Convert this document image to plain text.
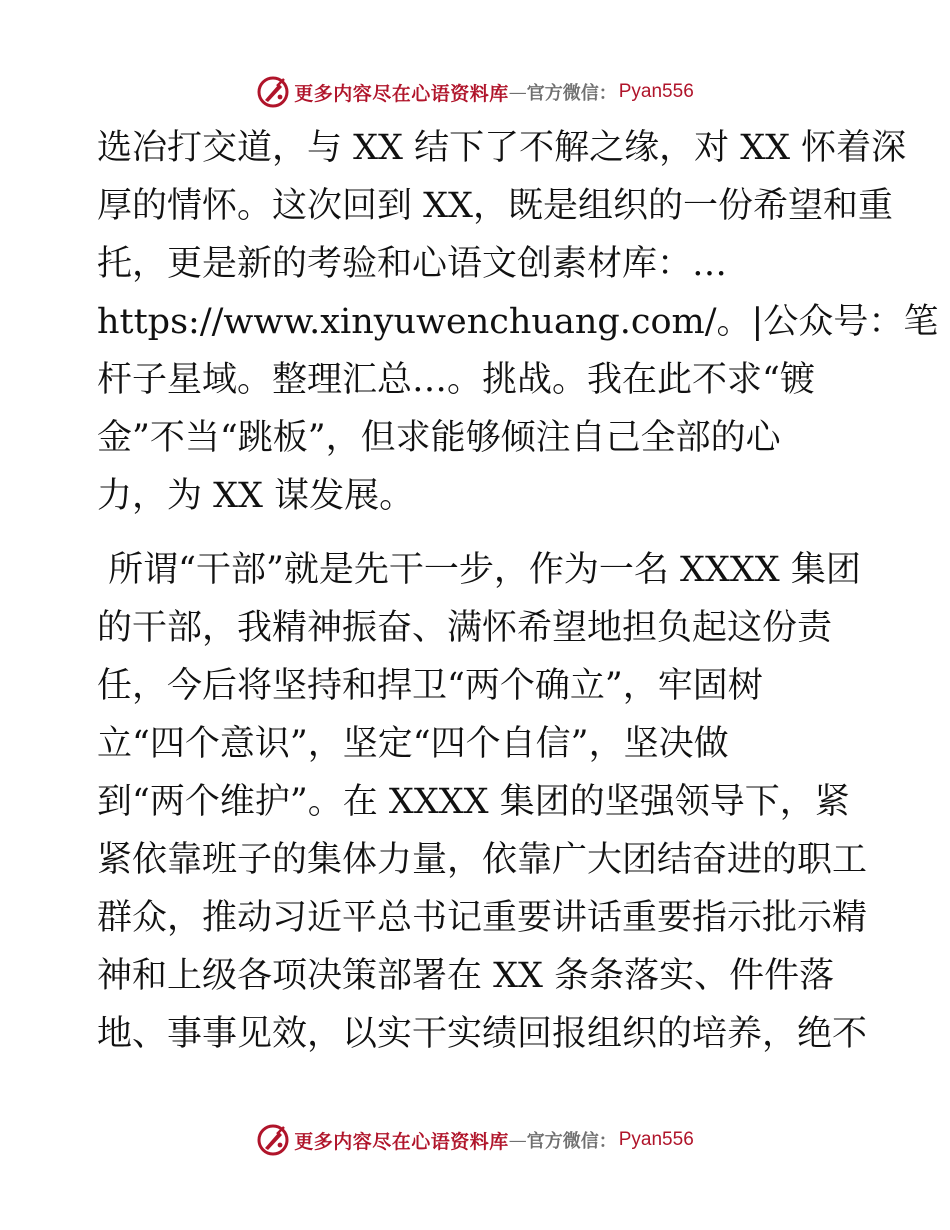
更多内容尽在心语资料库 — 官方微信： Pyan556
选冶打交道，与 XX 结下了不解之缘，对 XX 怀着深
厚的情怀。这次回到 XX，既是组织的一份希望和重
托，更是新的考验和心语文创素材库：…
https://www.xinyuwenchuang.com/。|公众号：笔
杆子星域。整理汇总…。挑战。我在此不求“镀
金”不当“跳板”，但求能够倾注自己全部的心
力，为 XX 谋发展。
所谓“干部”就是先干一步，作为一名 XXXX 集团
的干部，我精神振奋、满怀希望地担负起这份责
任，今后将坚持和捍卫“两个确立”，牢固树
立“四个意识”，坚定“四个自信”，坚决做
到“两个维护”。在 XXXX 集团的坚强领导下，紧
紧依靠班子的集体力量，依靠广大团结奋进的职工
群众，推动习近平总书记重要讲话重要指示批示精
神和上级各项决策部署在 XX 条条落实、件件落
地、事事见效，以实干实绩回报组织的培养，绝不
更多内容尽在心语资料库 — 官方微信： Pyan556
